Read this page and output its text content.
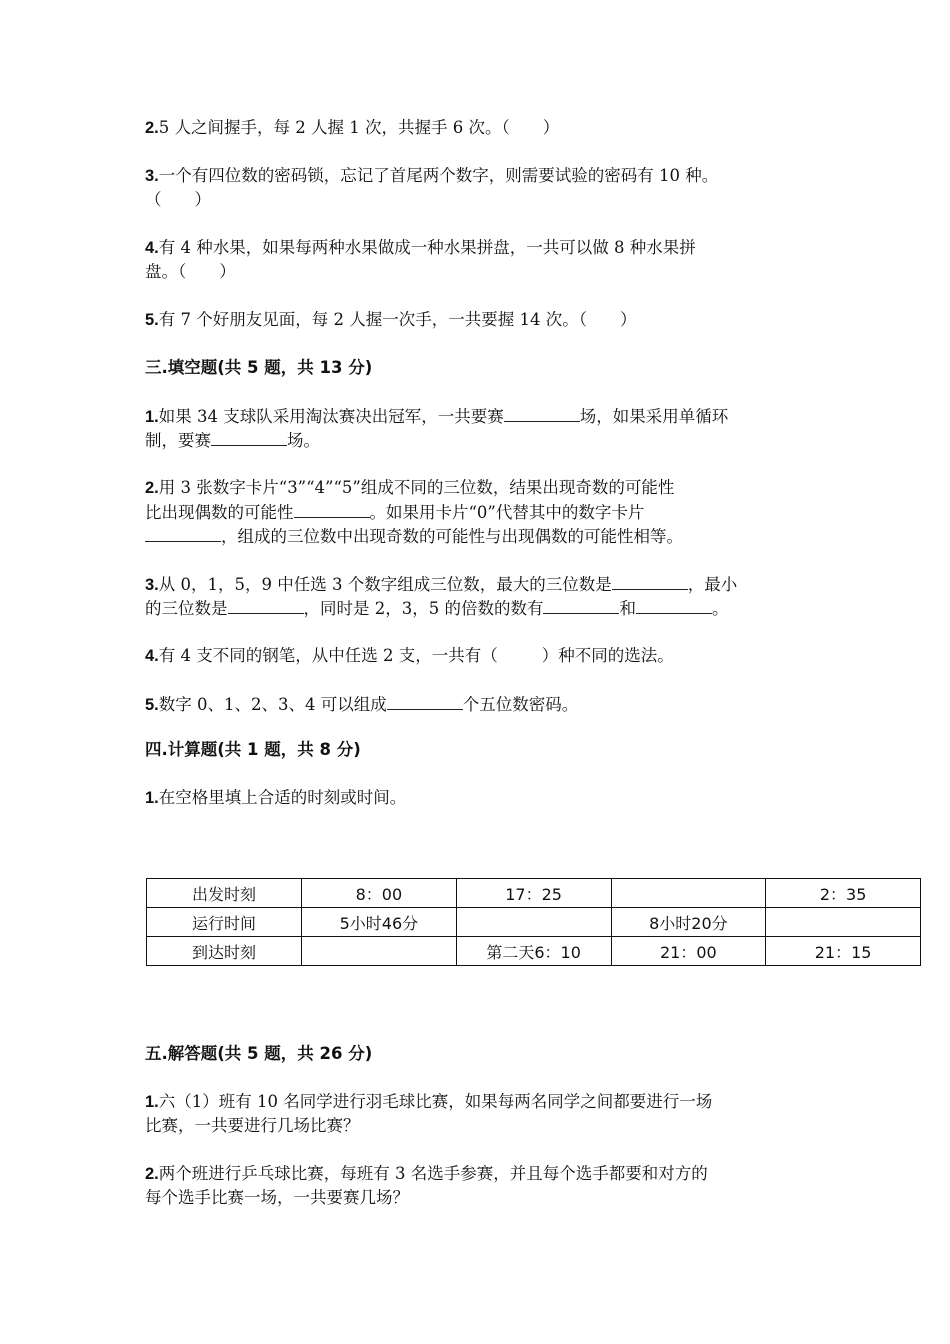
2.5 人之间握手，每 2 人握 1 次，共握手 6 次。（　　）
3.一个有四位数的密码锁，忘记了首尾两个数字，则需要试验的密码有 10 种。
（　　）
4.有 4 种水果，如果每两种水果做成一种水果拼盘，一共可以做 8 种水果拼
盘。（　　）
5.有 7 个好朋友见面，每 2 人握一次手，一共要握 14 次。（　　）
三.填空题(共 5 题，共 13 分)
1.如果 34 支球队采用淘汰赛决出冠军，一共要赛	场，如果采用单循环
制，要赛	场。
2.用 3 张数字卡片“3”“4”“5”组成不同的三位数，结果出现奇数的可能性
比出现偶数的可能性	。如果用卡片“0”代替其中的数字卡片
，组成的三位数中出现奇数的可能性与出现偶数的可能性相等。
3.从 0，1，5，9 中任选 3 个数字组成三位数，最大的三位数是	，最小
的三位数是	，同时是 2，3，5 的倍数的数有	和	。
4.有 4 支不同的钢笔，从中任选 2 支，一共有（	）种不同的选法。
5.数字 0、1、2、3、4 可以组成	个五位数密码。
四.计算题(共 1 题，共 8 分)
1.在空格里填上合适的时刻或时间。
出发时刻	8：00	17：25		2：35
运行时间	5小时46分		8小时20分	
到达时刻		第二天6：10	21：00	21：15
五.解答题(共 5 题，共 26 分)
1.六（1）班有 10 名同学进行羽毛球比赛，如果每两名同学之间都要进行一场
比赛，一共要进行几场比赛？
2.两个班进行乒乓球比赛，每班有 3 名选手参赛，并且每个选手都要和对方的
每个选手比赛一场，一共要赛几场？
